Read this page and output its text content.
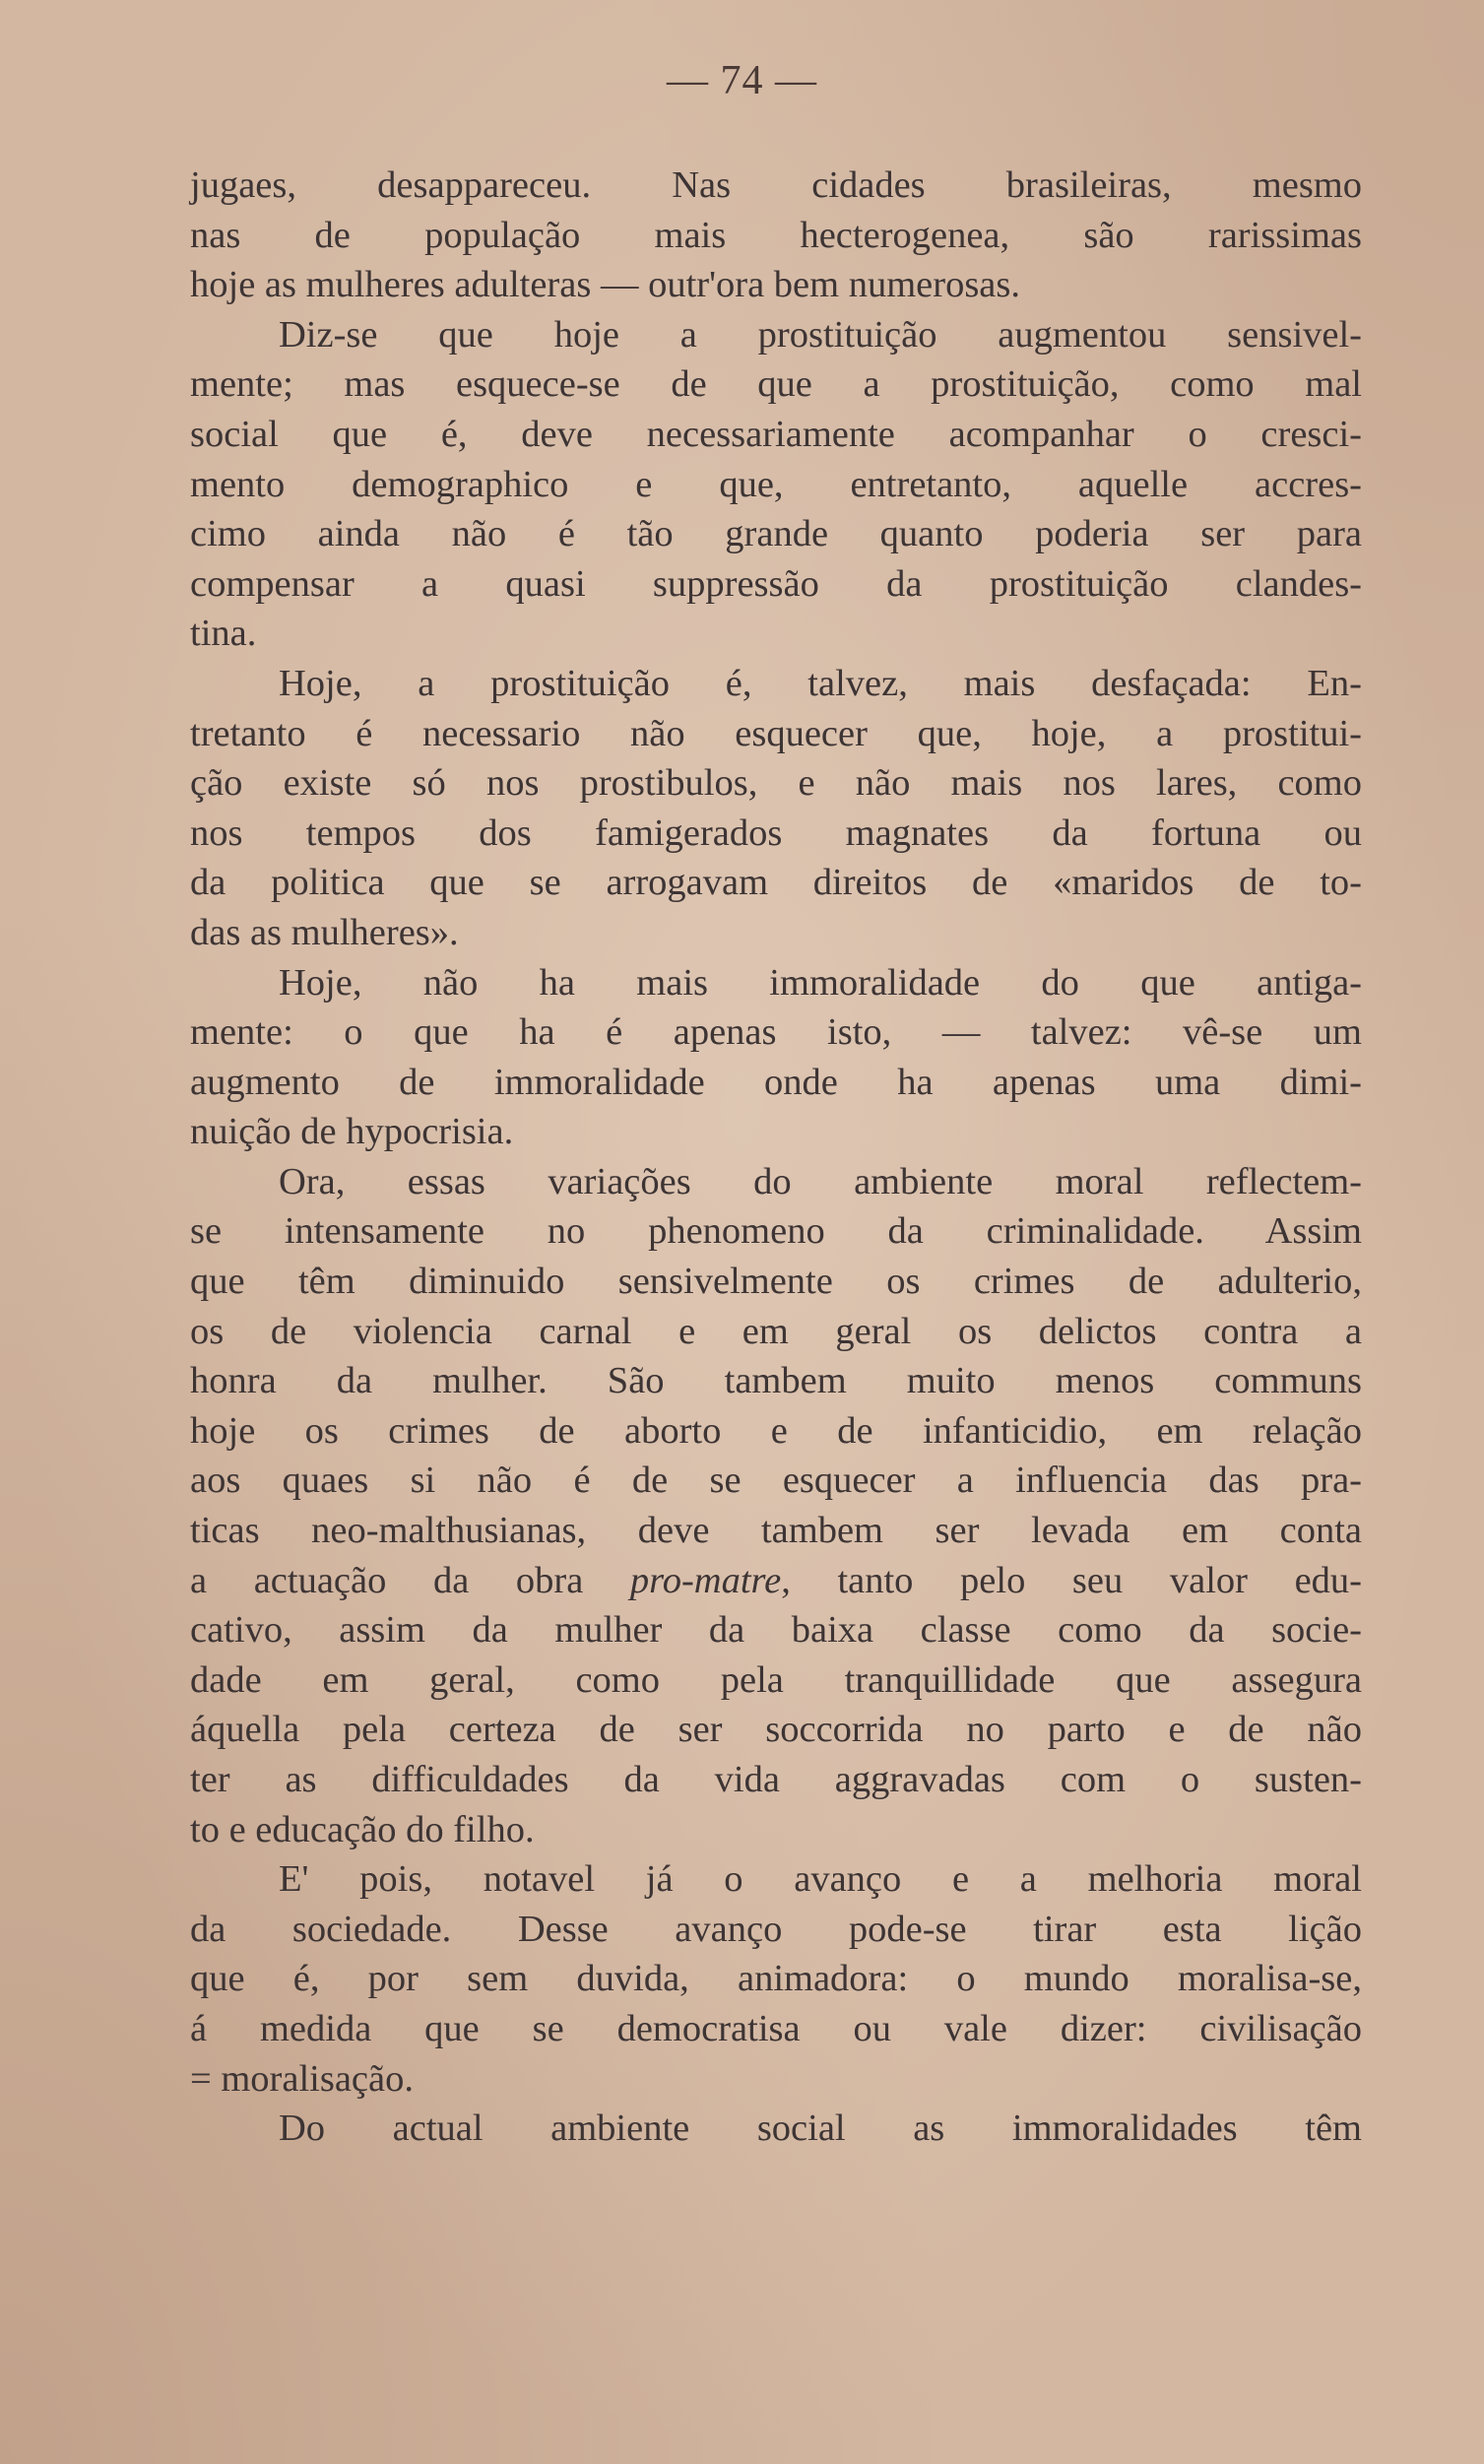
— 74 —
jugaes, desappareceu. Nas cidades brasileiras, mesmo
nas de população mais hecterogenea, são rarissimas
hoje as mulheres adulteras — outr'ora bem numerosas.
Diz-se que hoje a prostituição augmentou sensivel-
mente; mas esquece-se de que a prostituição, como mal
social que é, deve necessariamente acompanhar o cresci-
mento demographico e que, entretanto, aquelle accres-
cimo ainda não é tão grande quanto poderia ser para
compensar a quasi suppressão da prostituição clandes-
tina.
Hoje, a prostituição é, talvez, mais desfaçada: En-
tretanto é necessario não esquecer que, hoje, a prostitui-
ção existe só nos prostibulos, e não mais nos lares, como
nos tempos dos famigerados magnates da fortuna ou
da politica que se arrogavam direitos de «maridos de to-
das as mulheres».
Hoje, não ha mais immoralidade do que antiga-
mente: o que ha é apenas isto, — talvez: vê-se um
augmento de immoralidade onde ha apenas uma dimi-
nuição de hypocrisia.
Ora, essas variações do ambiente moral reflectem-
se intensamente no phenomeno da criminalidade. Assim
que têm diminuido sensivelmente os crimes de adulterio,
os de violencia carnal e em geral os delictos contra a
honra da mulher. São tambem muito menos communs
hoje os crimes de aborto e de infanticidio, em relação
aos quaes si não é de se esquecer a influencia das pra-
ticas neo-malthusianas, deve tambem ser levada em conta
a actuação da obra pro-matre, tanto pelo seu valor edu-
cativo, assim da mulher da baixa classe como da socie-
dade em geral, como pela tranquillidade que assegura
áquella pela certeza de ser soccorrida no parto e de não
ter as difficuldades da vida aggravadas com o susten-
to e educação do filho.
E' pois, notavel já o avanço e a melhoria moral
da sociedade. Desse avanço pode-se tirar esta lição
que é, por sem duvida, animadora: o mundo moralisa-se,
á medida que se democratisa ou vale dizer: civilisação
= moralisação.
Do actual ambiente social as immoralidades têm
